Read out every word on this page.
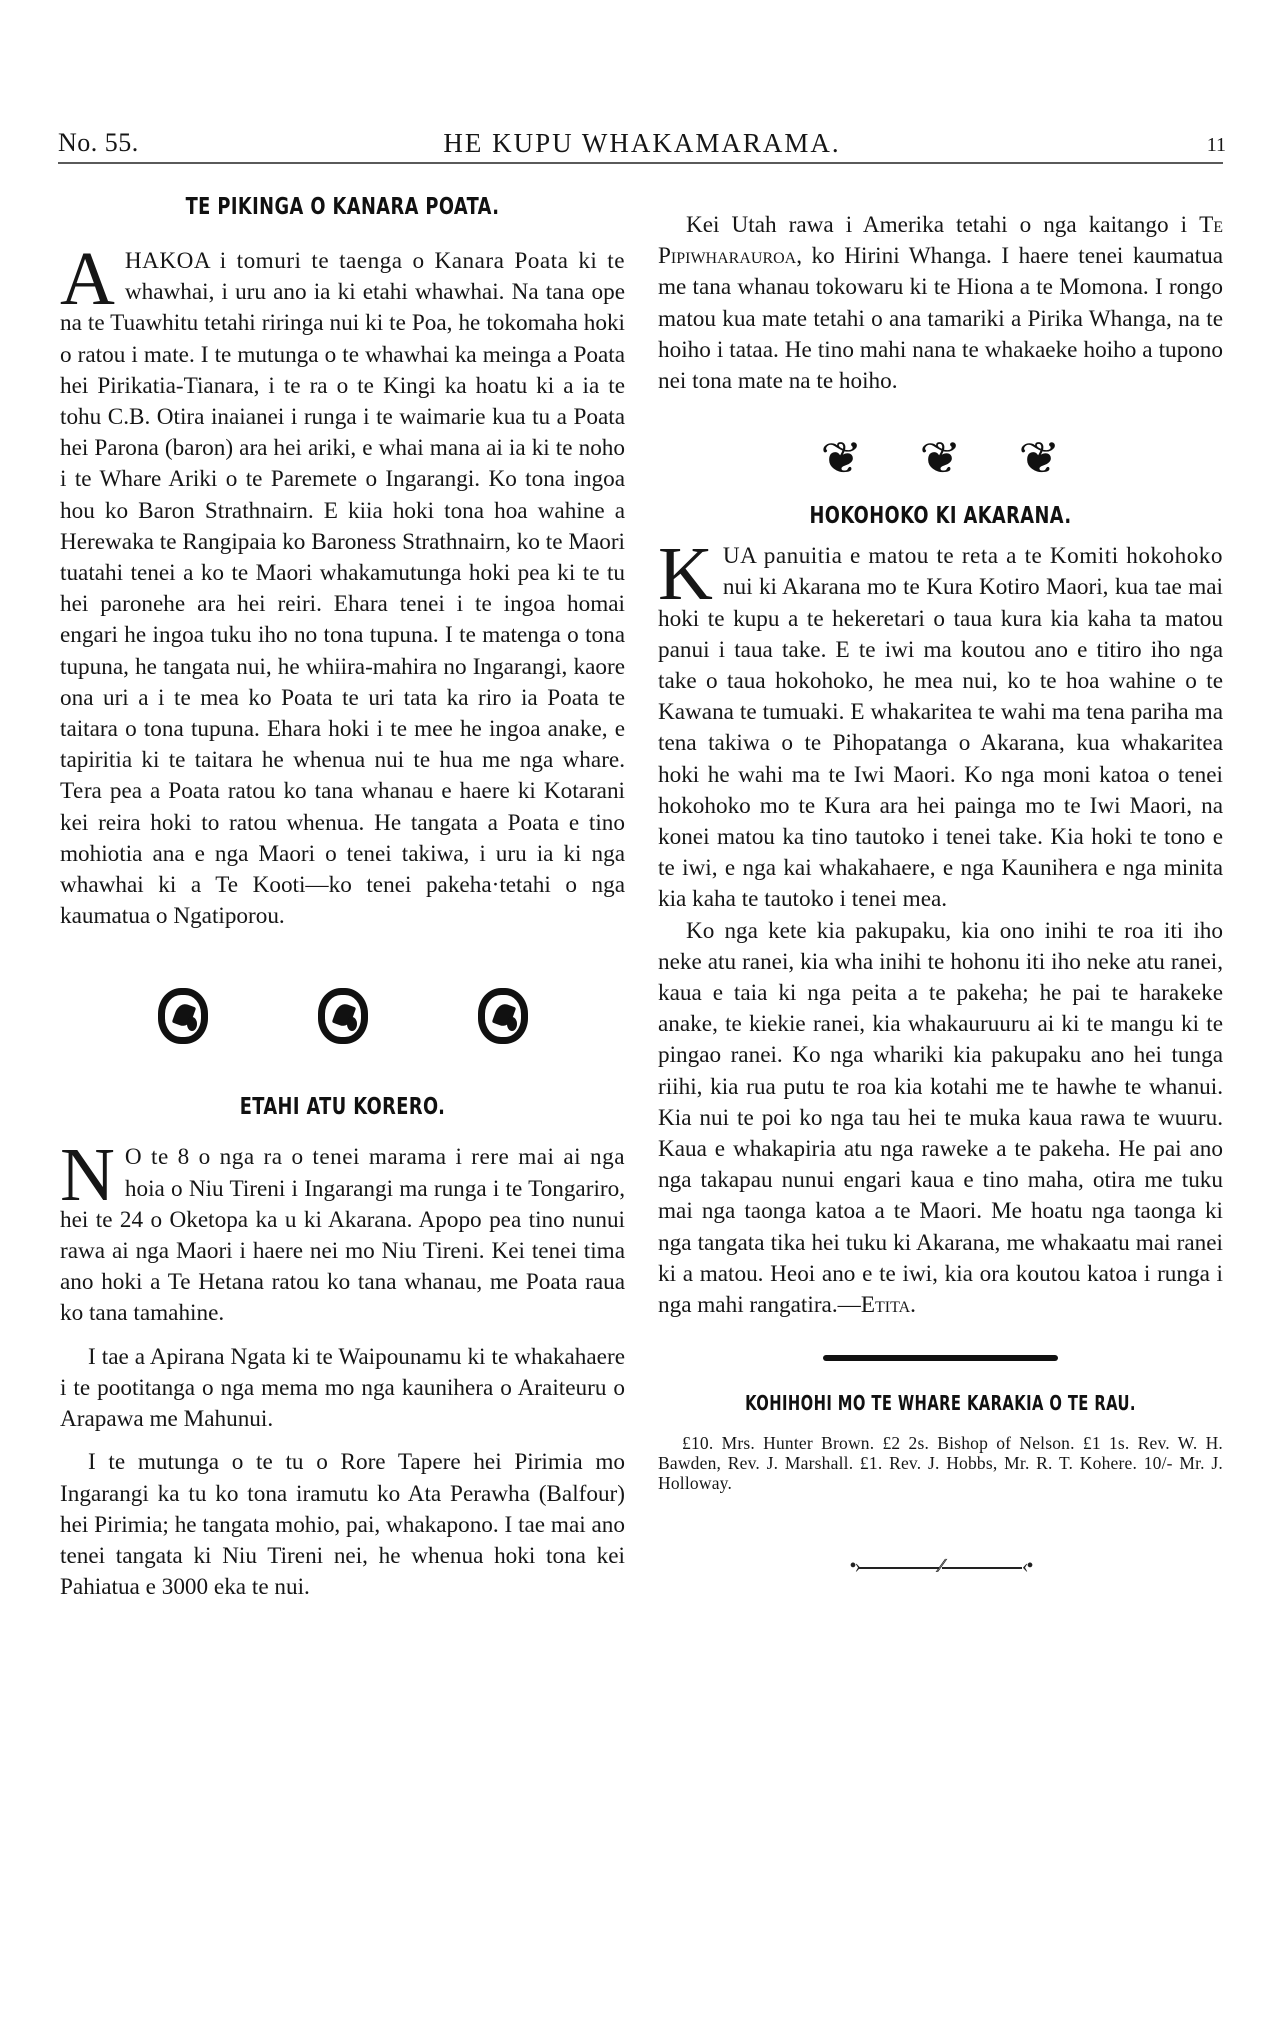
No. 55.	HE KUPU WHAKAMARAMA.	11
TE PIKINGA O KANARA POATA.
AHAKOA i tomuri te taenga o Kanara Poata ki te whawhai, i uru ano ia ki etahi whawhai. Na tana ope na te Tuawhitu tetahi riringa nui ki te Poa, he tokomaha hoki o ratou i mate. I te mutunga o te whawhai ka meinga a Poata hei Pirikatia-Tianara, i te ra o te Kingi ka hoatu ki a ia te tohu C.B. Otira inaianei i runga i te waimarie kua tu a Poata hei Parona (baron) ara hei ariki, e whai mana ai ia ki te noho i te Whare Ariki o te Paremete o Ingarangi. Ko tona ingoa hou ko Baron Strathnairn. E kiia hoki tona hoa wahine a Herewaka te Rangipaia ko Baroness Strathnairn, ko te Maori tuatahi tenei a ko te Maori whakamutunga hoki pea ki te tu hei paronehe ara hei reiri. Ehara tenei i te ingoa homai engari he ingoa tuku iho no tona tupuna. I te matenga o tona tupuna, he tangata nui, he whiira-mahira no Ingarangi, kaore ona uri a i te mea ko Poata te uri tata ka riro ia Poata te taitara o tona tupuna. Ehara hoki i te mee he ingoa anake, e tapiritia ki te taitara he whenua nui te hua me nga whare. Tera pea a Poata ratou ko tana whanau e haere ki Kotarani kei reira hoki to ratou whenua. He tangata a Poata e tino mohiotia ana e nga Maori o tenei takiwa, i uru ia ki nga whawhai ki a Te Kooti—ko tenei pakeha·tetahi o nga kaumatua o Ngatiporou.
ETAHI ATU KORERO.
N O te 8 o nga ra o tenei marama i rere mai ai nga hoia o Niu Tireni i Ingarangi ma runga i te Tongariro, hei te 24 o Oketopa ka u ki Akarana. Apopo pea tino nunui rawa ai nga Maori i haere nei mo Niu Tireni. Kei tenei tima ano hoki a Te Hetana ratou ko tana whanau, me Poata raua ko tana tamahine.
I tae a Apirana Ngata ki te Waipounamu ki te whakahaere i te pootitanga o nga mema mo nga kaunihera o Araiteuru o Arapawa me Mahunui.
I te mutunga o te tu o Rore Tapere hei Pirimia mo Ingarangi ka tu ko tona iramutu ko Ata Perawha (Balfour) hei Pirimia; he tangata mohio, pai, whakapono. I tae mai ano tenei tangata ki Niu Tireni nei, he whenua hoki tona kei Pahiatua e 3000 eka te nui.
Kei Utah rawa i Amerika tetahi o nga kaitango i Te Pipiwharauroa, ko Hirini Whanga. I haere tenei kaumatua me tana whanau tokowaru ki te Hiona a te Momona. I rongo matou kua mate tetahi o ana tamariki a Pirika Whanga, na te hoiho i tataa. He tino mahi nana te whakaeke hoiho a tupono nei tona mate na te hoiho.
❦ ❦ ❦
HOKOHOKO KI AKARANA.
KUA panuitia e matou te reta a te Komiti hokohoko nui ki Akarana mo te Kura Kotiro Maori, kua tae mai hoki te kupu a te hekeretari o taua kura kia kaha ta matou panui i taua take. E te iwi ma koutou ano e titiro iho nga take o taua hokohoko, he mea nui, ko te hoa wahine o te Kawana te tumuaki. E whakaritea te wahi ma tena pariha ma tena takiwa o te Pihopatanga o Akarana, kua whakaritea hoki he wahi ma te Iwi Maori. Ko nga moni katoa o tenei hokohoko mo te Kura ara hei painga mo te Iwi Maori, na konei matou ka tino tautoko i tenei take. Kia hoki te tono e te iwi, e nga kai whakahaere, e nga Kaunihera e nga minita kia kaha te tautoko i tenei mea.
Ko nga kete kia pakupaku, kia ono inihi te roa iti iho neke atu ranei, kia wha inihi te hohonu iti iho neke atu ranei, kaua e taia ki nga peita a te pakeha; he pai te harakeke anake, te kiekie ranei, kia whakauruuru ai ki te mangu ki te pingao ranei. Ko nga whariki kia pakupaku ano hei tunga riihi, kia rua putu te roa kia kotahi me te hawhe te whanui. Kia nui te poi ko nga tau hei te muka kaua rawa te wuuru. Kaua e whakapiria atu nga raweke a te pakeha. He pai ano nga takapau nunui engari kaua e tino maha, otira me tuku mai nga taonga katoa a te Maori. Me hoatu nga taonga ki nga tangata tika hei tuku ki Akarana, me whakaatu mai ranei ki a matou. Heoi ano e te iwi, kia ora koutou katoa i runga i nga mahi rangatira.—Etita.
KOHIHOHI MO TE WHARE KARAKIA O TE RAU.
£10. Mrs. Hunter Brown. £2 2s. Bishop of Nelson. £1 1s. Rev. W. H. Bawden, Rev. J. Marshall. £1. Rev. J. Hobbs, Mr. R. T. Kohere. 10/- Mr. J. Holloway.
•›	∕∕	‹•
